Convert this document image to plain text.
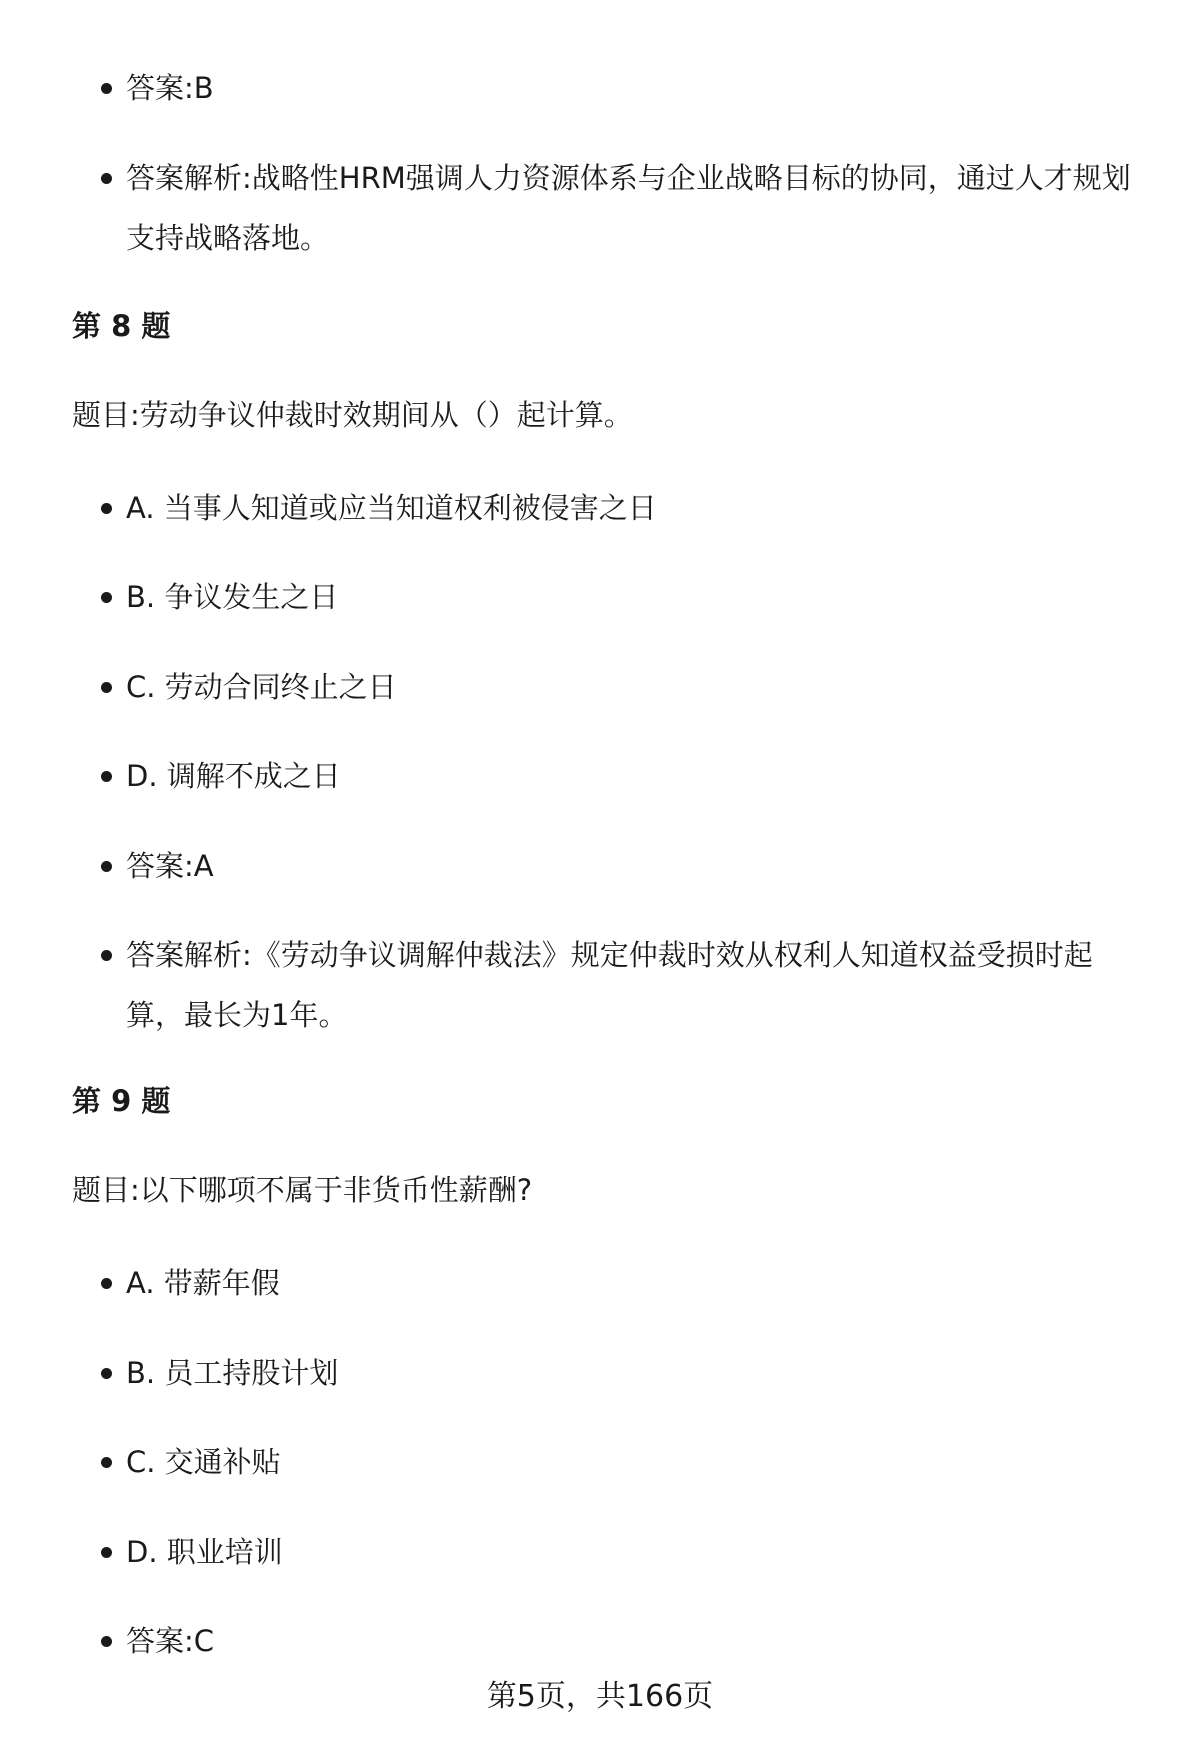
答案:B
答案解析:战略性HRM强调人力资源体系与企业战略目标的协同，通过人才规划支持战略落地。
第 8 题
题目:劳动争议仲裁时效期间从（）起计算。
A. 当事人知道或应当知道权利被侵害之日
B. 争议发生之日
C. 劳动合同终止之日
D. 调解不成之日
答案:A
答案解析:《劳动争议调解仲裁法》规定仲裁时效从权利人知道权益受损时起算，最长为1年。
第 9 题
题目:以下哪项不属于非货币性薪酬?
A. 带薪年假
B. 员工持股计划
C. 交通补贴
D. 职业培训
答案:C
第5页，共166页
